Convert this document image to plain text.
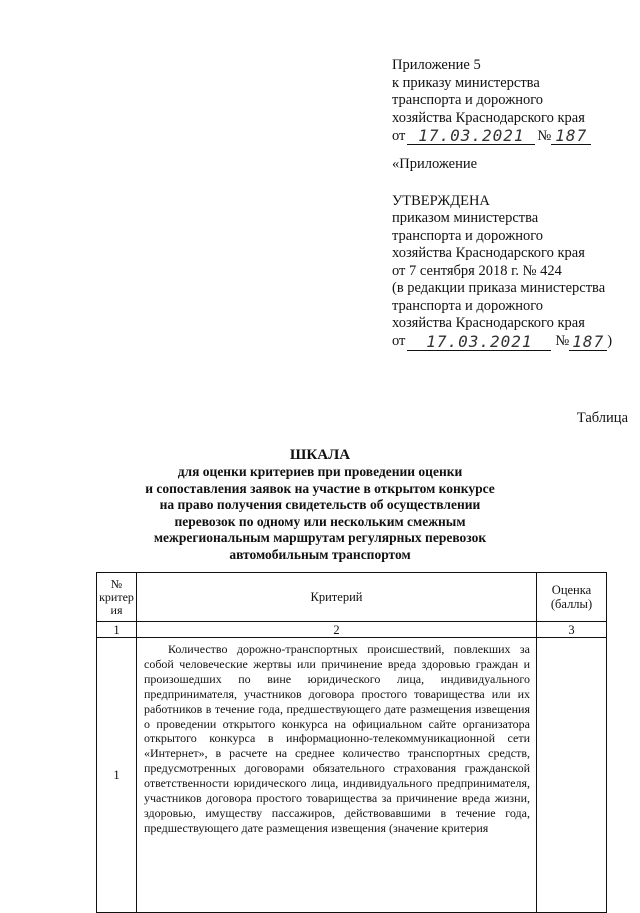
Приложение 5
к приказу министерства
транспорта и дорожного
хозяйства Краснодарского края
от 17.03.2021 № 187
«Приложение
УТВЕРЖДЕНА
приказом министерства
транспорта и дорожного
хозяйства Краснодарского края
от 7 сентября 2018 г. № 424
(в редакции приказа министерства
транспорта и дорожного
хозяйства Краснодарского края
от	17.03.2021	№ 187 )
Таблица
ШКАЛА
для оценки критериев при проведении оценки
и сопоставления заявок на участие в открытом конкурсе
на право получения свидетельств об осуществлении
перевозок по одному или нескольким смежным
межрегиональным маршрутам регулярных перевозок
автомобильным транспортом
№ критер ия	Критерий	Оценка (баллы)
1	2	3
1	Количество дорожно-транспортных происшествий, повлекших за собой человеческие жертвы или причинение вреда здоровью граждан и произошедших по вине юридического лица, индивидуального предпринимателя, участников договора простого товарищества или их работников в течение года, предшествующего дате размещения извещения о проведении открытого конкурса на официальном сайте организатора открытого конкурса в информационно-телекоммуникационной сети «Интернет», в расчете на среднее количество транспортных средств, предусмотренных договорами обязательного страхования гражданской ответственности юридического лица, индивидуального предпринимателя, участников договора простого товарищества за причинение вреда жизни, здоровью, имуществу пассажиров, действовавшими в течение года, предшествующего дате размещения извещения (значение критерия	
